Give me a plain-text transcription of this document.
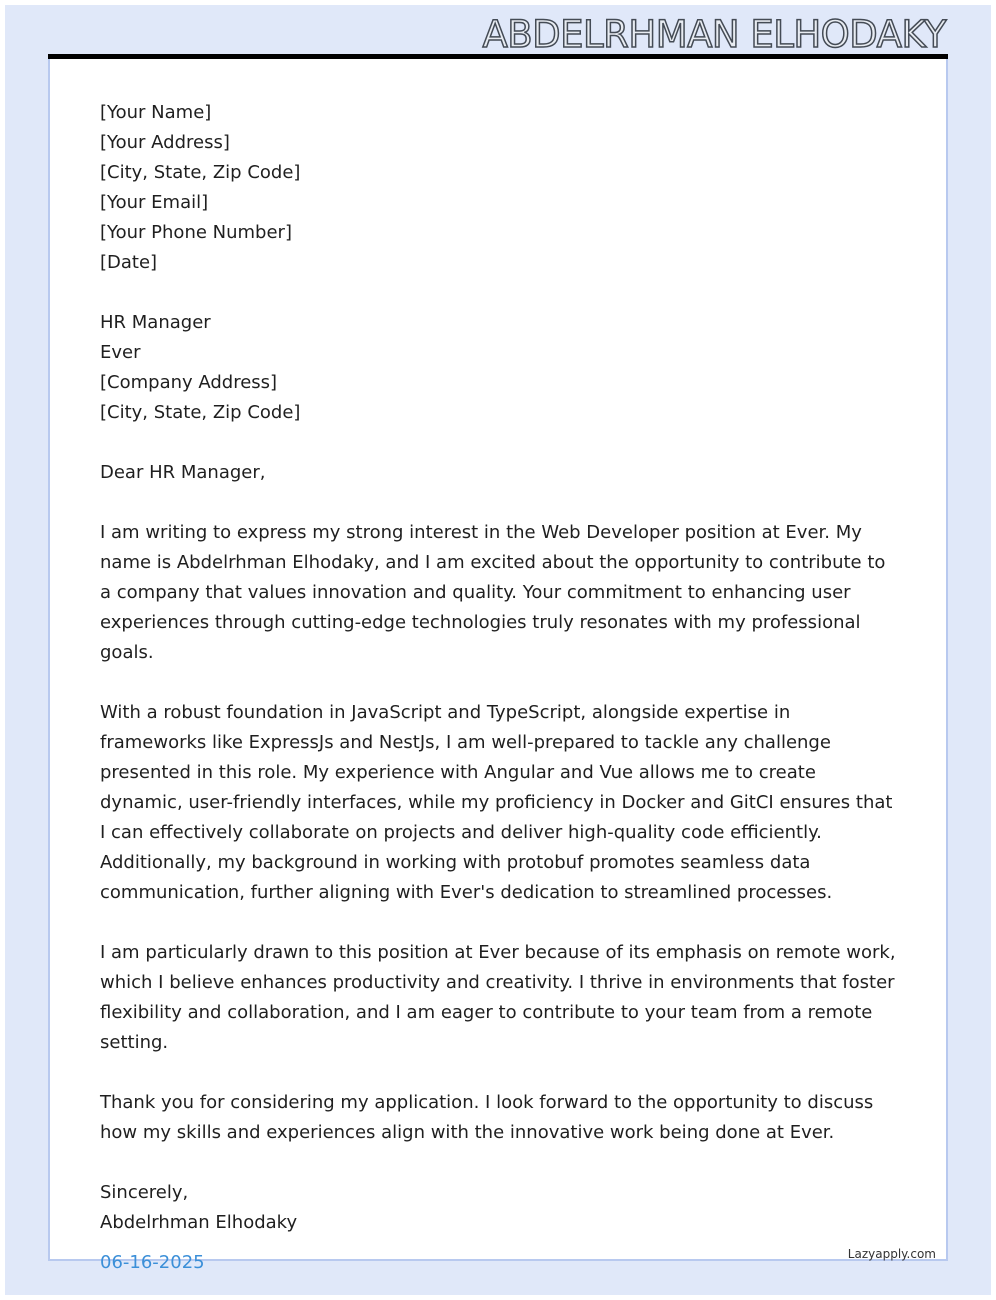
ABDELRHMAN ELHODAKY
[Your Name]
[Your Address]
[City, State, Zip Code]
[Your Email]
[Your Phone Number]
[Date]
HR Manager
Ever
[Company Address]
[City, State, Zip Code]
Dear HR Manager,

I am writing to express my strong interest in the Web Developer position at Ever. My name is Abdelrhman Elhodaky, and I am excited about the opportunity to contribute to a company that values innovation and quality. Your commitment to enhancing user experiences through cutting-edge technologies truly resonates with my professional goals.

With a robust foundation in JavaScript and TypeScript, alongside expertise in frameworks like ExpressJs and NestJs, I am well-prepared to tackle any challenge presented in this role. My experience with Angular and Vue allows me to create dynamic, user-friendly interfaces, while my proficiency in Docker and GitCI ensures that I can effectively collaborate on projects and deliver high-quality code efficiently. Additionally, my background in working with protobuf promotes seamless data communication, further aligning with Ever's dedication to streamlined processes.

I am particularly drawn to this position at Ever because of its emphasis on remote work, which I believe enhances productivity and creativity. I thrive in environments that foster flexibility and collaboration, and I am eager to contribute to your team from a remote setting.

Thank you for considering my application. I look forward to the opportunity to discuss how my skills and experiences align with the innovative work being done at Ever.

Sincerely,
Abdelrhman Elhodaky
06-16-2025	Lazyapply.com
